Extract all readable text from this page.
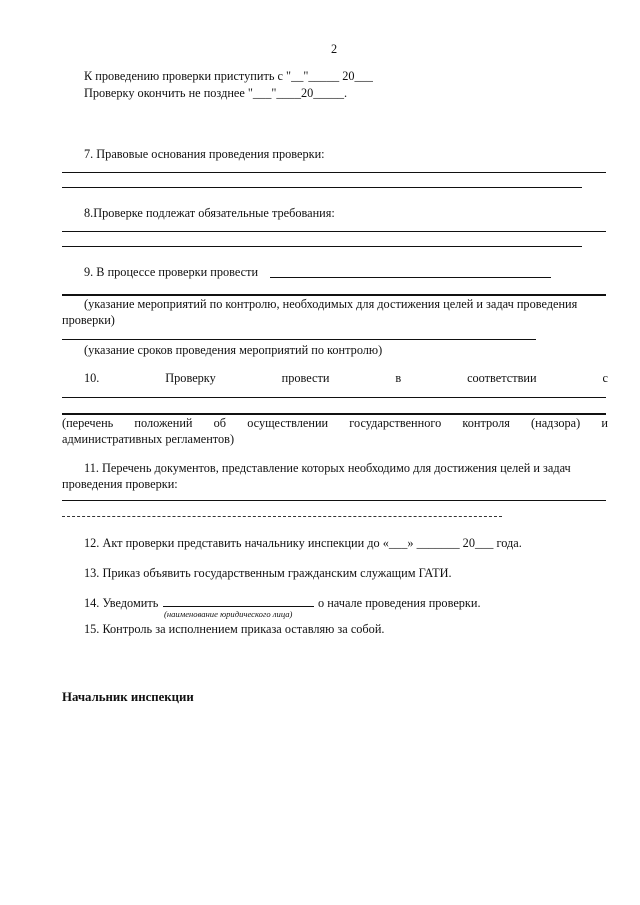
2
К проведению проверки приступить с "__"_____ 20___
Проверку окончить не позднее "___"____20_____.
7. Правовые основания проведения проверки:
8.Проверке подлежат обязательные требования:
9. В процессе проверки провести
(указание мероприятий по контролю, необходимых для достижения целей и задач проведения
проверки)
(указание сроков проведения мероприятий по контролю)
10.	Проверку	провести	в	соответствии	с
(перечень положений об осуществлении государственного контроля (надзора) и
административных регламентов)
11. Перечень документов, представление которых необходимо для достижения целей и задач
проведения проверки:
12. Акт проверки представить начальнику инспекции до «___» _______ 20___ года.
13. Приказ объявить государственным гражданским служащим ГАТИ.
14. Уведомить	о начале проведения проверки.
(наименование юридического лица)
15. Контроль за исполнением приказа оставляю за собой.
Начальник инспекции
